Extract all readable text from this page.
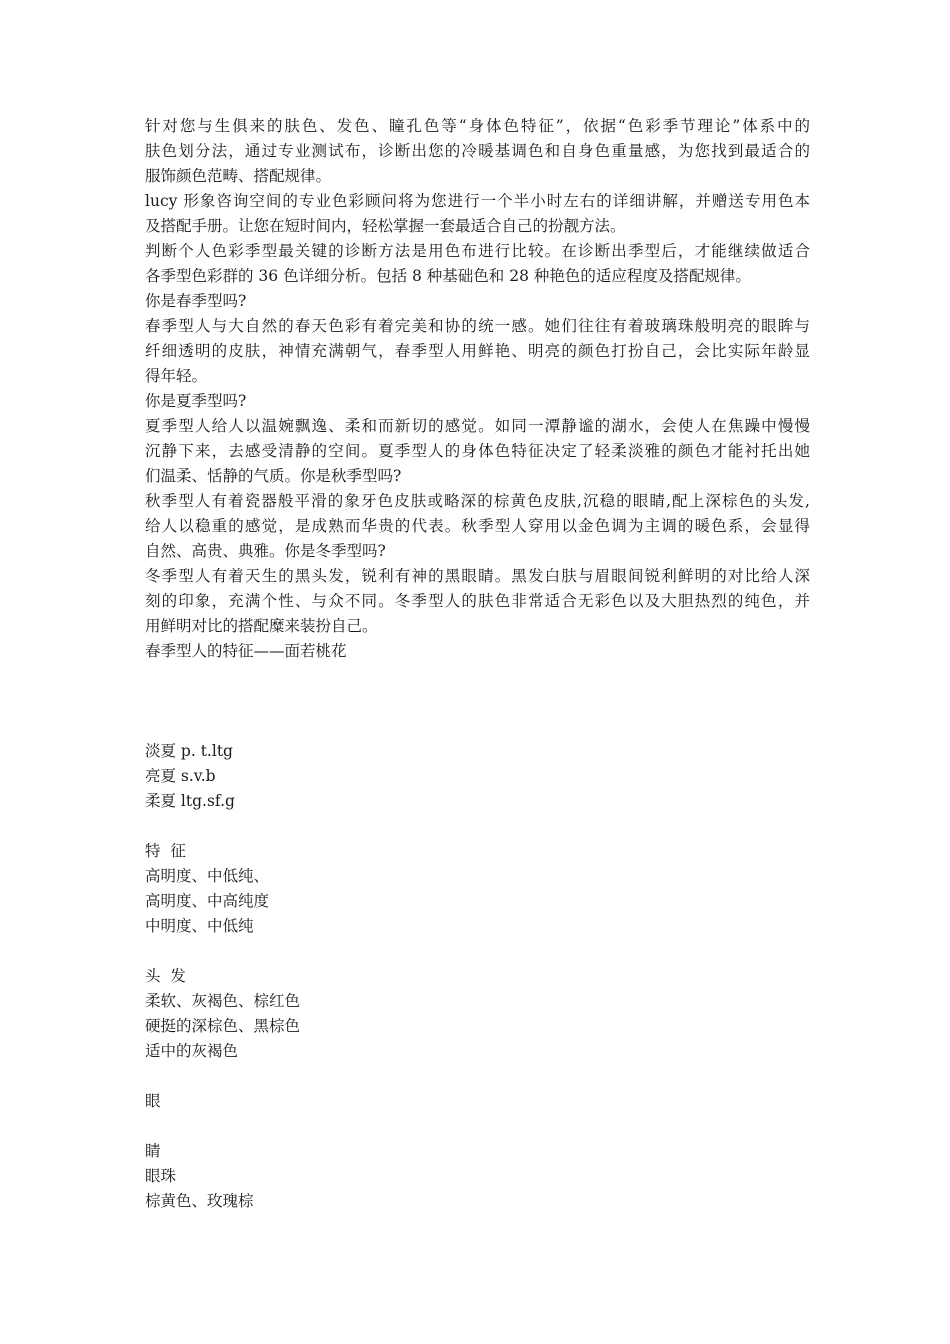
针对您与生俱来的肤色、发色、瞳孔色等“身体色特征”，依据“色彩季节理论”体系中的
肤色划分法，通过专业测试布，诊断出您的冷暖基调色和自身色重量感，为您找到最适合的
服饰颜色范畴、搭配规律。
lucy 形象咨询空间的专业色彩顾问将为您进行一个半小时左右的详细讲解，并赠送专用色本
及搭配手册。让您在短时间内，轻松掌握一套最适合自己的扮靓方法。
判断个人色彩季型最关键的诊断方法是用色布进行比较。在诊断出季型后，才能继续做适合
各季型色彩群的 36 色详细分析。包括 8 种基础色和 28 种艳色的适应程度及搭配规律。
你是春季型吗?
春季型人与大自然的春天色彩有着完美和协的统一感。她们往往有着玻璃珠般明亮的眼眸与
纤细透明的皮肤，神情充满朝气，春季型人用鲜艳、明亮的颜色打扮自己，会比实际年龄显
得年轻。
你是夏季型吗?
夏季型人给人以温婉飘逸、柔和而新切的感觉。如同一潭静谧的湖水，会使人在焦躁中慢慢
沉静下来，去感受清静的空间。夏季型人的身体色特征决定了轻柔淡雅的颜色才能衬托出她
们温柔、恬静的气质。你是秋季型吗?
秋季型人有着瓷器般平滑的象牙色皮肤或略深的棕黄色皮肤,沉稳的眼睛,配上深棕色的头发,
给人以稳重的感觉，是成熟而华贵的代表。秋季型人穿用以金色调为主调的暖色系，会显得
自然、高贵、典雅。你是冬季型吗?
冬季型人有着天生的黑头发，锐利有神的黑眼睛。黑发白肤与眉眼间锐利鲜明的对比给人深
刻的印象，充满个性、与众不同。冬季型人的肤色非常适合无彩色以及大胆热烈的纯色，并
用鲜明对比的搭配糜来装扮自己。
春季型人的特征——面若桃花
淡夏 p. t.ltg
亮夏 s.v.b
柔夏 ltg.sf.g
特  征
高明度、中低纯、
高明度、中高纯度
中明度、中低纯
头  发
柔软、灰褐色、棕红色
硬挺的深棕色、黑棕色
适中的灰褐色
眼
睛
眼珠
棕黄色、玫瑰棕
